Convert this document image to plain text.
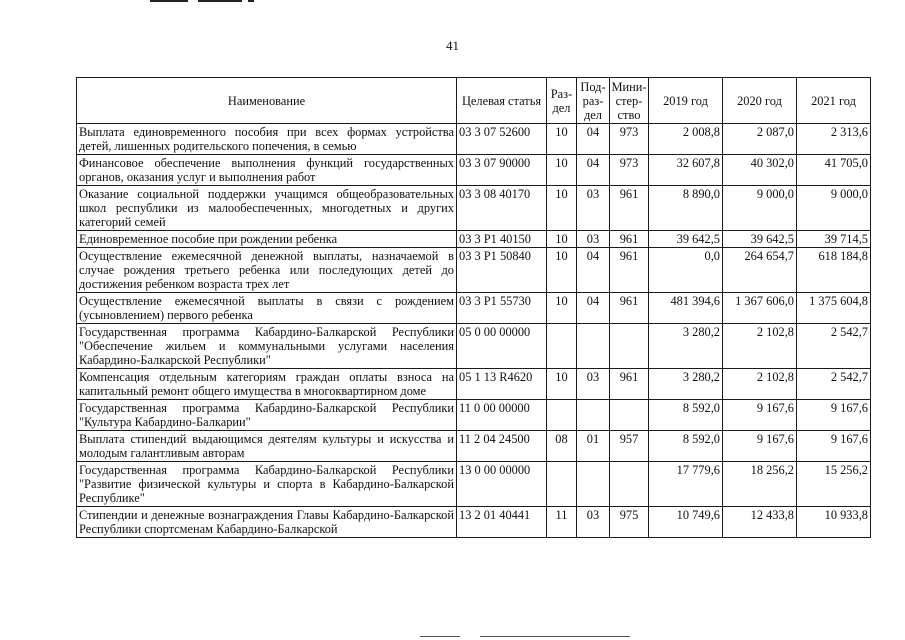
41
Наименование	Целевая статья	Раз-дел	Под-раз-дел	Мини-стер-ство	2019 год	2020 год	2021 год
Выплата единовременного пособия при всех формах устройства детей, лишенных родительского попечения, в семью	03 3 07 52600	10	04	973	2 008,8	2 087,0	2 313,6
Финансовое обеспечение выполнения функций государственных органов, оказания услуг и выполнения работ	03 3 07 90000	10	04	973	32 607,8	40 302,0	41 705,0
Оказание социальной поддержки учащимся общеобразовательных школ республики из малообеспеченных, многодетных и других категорий семей	03 3 08 40170	10	03	961	8 890,0	9 000,0	9 000,0
Единовременное пособие при рождении ребенка	03 3 P1 40150	10	03	961	39 642,5	39 642,5	39 714,5
Осуществление ежемесячной денежной выплаты, назначаемой в случае рождения третьего ребенка или последующих детей до достижения ребенком возраста трех лет	03 3 P1 50840	10	04	961	0,0	264 654,7	618 184,8
Осуществление ежемесячной выплаты в связи с рождением (усыновлением) первого ребенка	03 3 P1 55730	10	04	961	481 394,6	1 367 606,0	1 375 604,8
Государственная программа Кабардино-Балкарской Республики "Обеспечение жильем и коммунальными услугами населения Кабардино-Балкарской Республики"	05 0 00 00000				3 280,2	2 102,8	2 542,7
Компенсация отдельным категориям граждан оплаты взноса на капитальный ремонт общего имущества в многоквартирном доме	05 1 13 R4620	10	03	961	3 280,2	2 102,8	2 542,7
Государственная программа Кабардино-Балкарской Республики "Культура Кабардино-Балкарии"	11 0 00 00000				8 592,0	9 167,6	9 167,6
Выплата стипендий выдающимся деятелям культуры и искусства и молодым галантливым авторам	11 2 04 24500	08	01	957	8 592,0	9 167,6	9 167,6
Государственная программа Кабардино-Балкарской Республики "Развитие физической культуры и спорта в Кабардино-Балкарской Республике"	13 0 00 00000				17 779,6	18 256,2	15 256,2
Стипендии и денежные вознаграждения Главы Кабардино-Балкарской Республики спортсменам Кабардино-Балкарской	13 2 01 40441	11	03	975	10 749,6	12 433,8	10 933,8
